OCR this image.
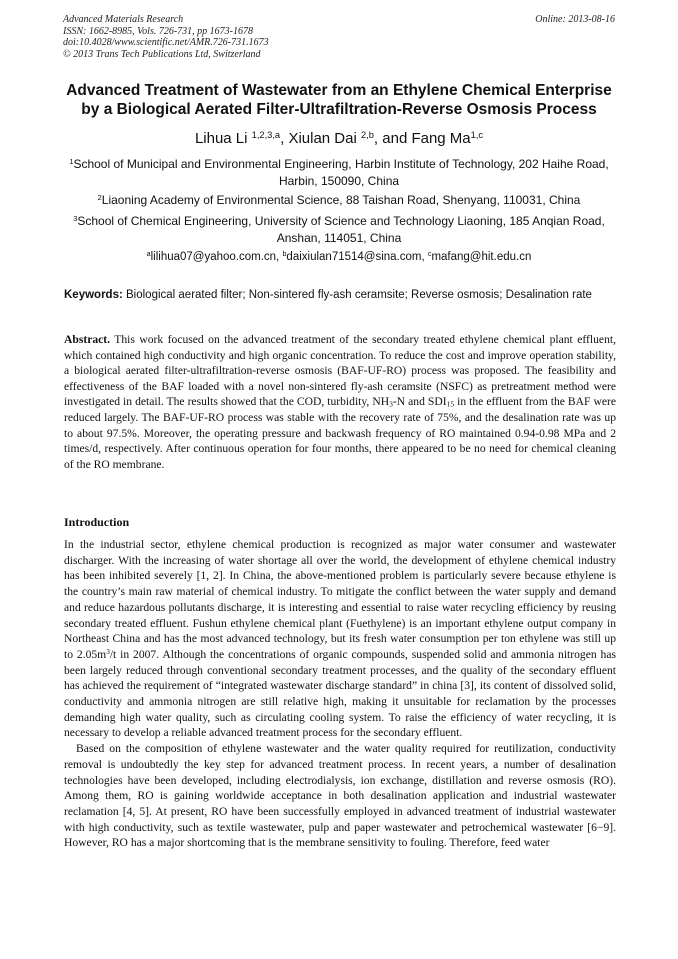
Advanced Materials Research
ISSN: 1662-8985, Vols. 726-731, pp 1673-1678
doi:10.4028/www.scientific.net/AMR.726-731.1673
© 2013 Trans Tech Publications Ltd, Switzerland
Online: 2013-08-16
Advanced Treatment of Wastewater from an Ethylene Chemical Enterprise
by a Biological Aerated Filter-Ultrafiltration-Reverse Osmosis Process
Lihua Li $^{1,2,3,a}$, Xiulan Dai $^{2,b}$, and Fang Ma$^{1,c}$
$^1$School of Municipal and Environmental Engineering, Harbin Institute of Technology, 202 Haihe Road, Harbin, 150090, China
$^2$Liaoning Academy of Environmental Science, 88 Taishan Road, Shenyang, 110031, China
$^3$School of Chemical Engineering, University of Science and Technology Liaoning, 185 Anqian Road, Anshan, 114051, China
$^a$lilihua07@yahoo.com.cn, $^b$daixiulan71514@sina.com, $^c$mafang@hit.edu.cn
Keywords: Biological aerated filter; Non-sintered fly-ash ceramsite; Reverse osmosis; Desalination rate
Abstract. This work focused on the advanced treatment of the secondary treated ethylene chemical plant effluent, which contained high conductivity and high organic concentration. To reduce the cost and improve operation stability, a biological aerated filter-ultrafiltration-reverse osmosis (BAF-UF-RO) process was proposed. The feasibility and effectiveness of the BAF loaded with a novel non-sintered fly-ash ceramsite (NSFC) as pretreatment method were investigated in detail. The results showed that the COD, turbidity, $NH_3-N$ and $SDI_{15}$ in the effluent from the BAF were reduced largely. The BAF-UF-RO process was stable with the recovery rate of 75%, and the desalination rate was up to about 97.5%. Moreover, the operating pressure and backwash frequency of RO maintained 0.94-0.98 MPa and 2 times/d, respectively. After continuous operation for four months, there appeared to be no need for chemical cleaning of the RO membrane.
Introduction

In the industrial sector, ethylene chemical production is recognized as major water consumer and wastewater discharger. With the increasing of water shortage all over the world, the development of ethylene chemical industry has been inhibited severely [1, 2]. In China, the above-mentioned problem is particularly severe because ethylene is the country’s main raw material of chemical industry. To mitigate the conflict between the water supply and demand and reduce hazardous pollutants discharge, it is interesting and essential to raise water recycling efficiency by reusing secondary treated effluent. Fushun ethylene chemical plant (Fuethylene) is an important ethylene output company in Northeast China and has the most advanced technology, but its fresh water consumption per ton ethylene was still up to $2.05m^3/t$ in 2007. Although the concentrations of organic compounds, suspended solid and ammonia nitrogen has been largely reduced through conventional secondary treatment processes, and the quality of the secondary effluent has achieved the requirement of “integrated wastewater discharge standard” in china [3], its content of dissolved solid, conductivity and ammonia nitrogen are still relative high, making it unsuitable for reclamation by the processes demanding high water quality, such as circulating cooling system. To raise the efficiency of water recycling, it is necessary to develop a reliable advanced treatment process for the secondary effluent.

Based on the composition of ethylene wastewater and the water quality required for reutilization, conductivity removal is undoubtedly the key step for advanced treatment process. In recent years, a number of desalination technologies have been developed, including electrodialysis, ion exchange, distillation and reverse osmosis (RO). Among them, RO is gaining worldwide acceptance in both desalination application and industrial wastewater reclamation [4, 5]. At present, RO have been successfully employed in advanced treatment of industrial wastewater with high conductivity, such as textile wastewater, pulp and paper wastewater and petrochemical wastewater [6−9]. However, RO has a major shortcoming that is the membrane sensitivity to fouling. Therefore, feed water
